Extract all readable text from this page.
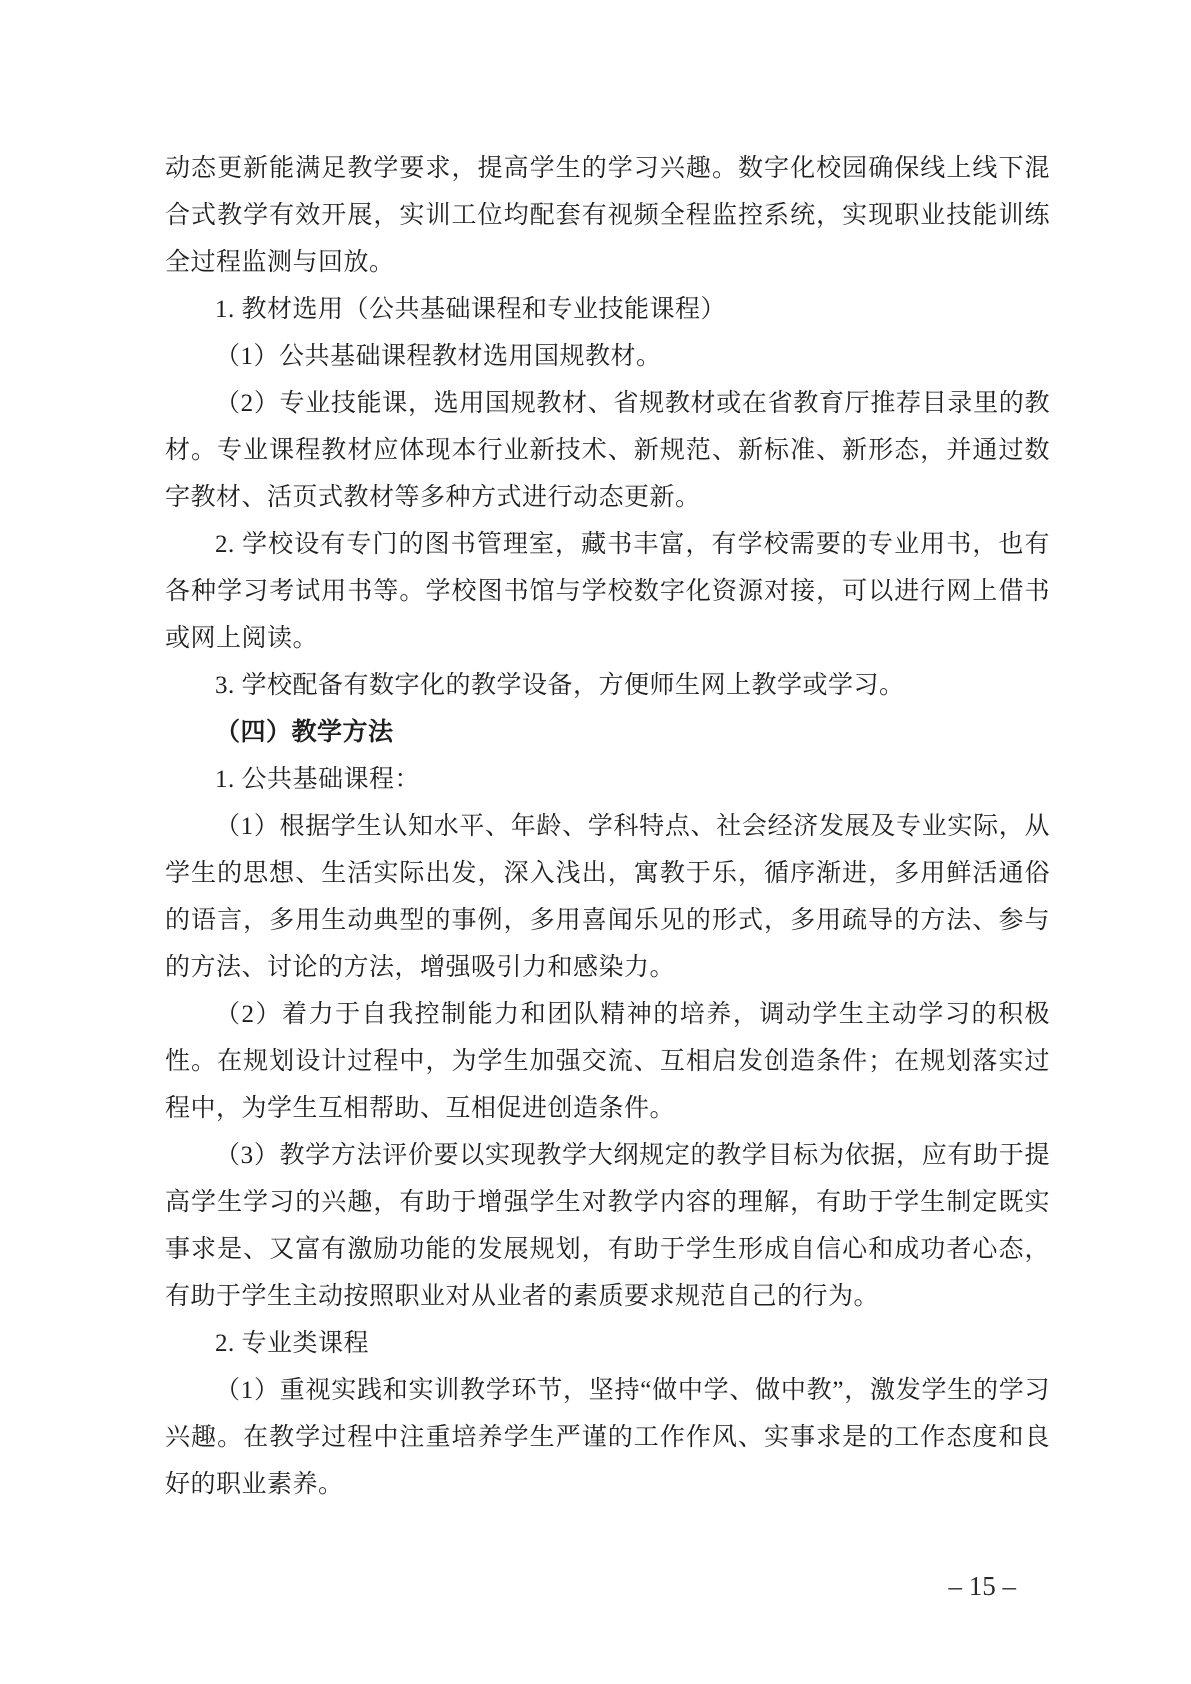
动态更新能满足教学要求，提高学生的学习兴趣。数字化校园确保线上线下混合式教学有效开展，实训工位均配套有视频全程监控系统，实现职业技能训练全过程监测与回放。

1. 教材选用（公共基础课程和专业技能课程）

（1）公共基础课程教材选用国规教材。

（2）专业技能课，选用国规教材、省规教材或在省教育厅推荐目录里的教材。专业课程教材应体现本行业新技术、新规范、新标准、新形态，并通过数字教材、活页式教材等多种方式进行动态更新。

2. 学校设有专门的图书管理室，藏书丰富，有学校需要的专业用书，也有各种学习考试用书等。学校图书馆与学校数字化资源对接，可以进行网上借书或网上阅读。

3. 学校配备有数字化的教学设备，方便师生网上教学或学习。

（四）教学方法

1. 公共基础课程：

（1）根据学生认知水平、年龄、学科特点、社会经济发展及专业实际，从学生的思想、生活实际出发，深入浅出，寓教于乐，循序渐进，多用鲜活通俗的语言，多用生动典型的事例，多用喜闻乐见的形式，多用疏导的方法、参与的方法、讨论的方法，增强吸引力和感染力。

（2）着力于自我控制能力和团队精神的培养，调动学生主动学习的积极性。在规划设计过程中，为学生加强交流、互相启发创造条件；在规划落实过程中，为学生互相帮助、互相促进创造条件。

（3）教学方法评价要以实现教学大纲规定的教学目标为依据，应有助于提高学生学习的兴趣，有助于增强学生对教学内容的理解，有助于学生制定既实事求是、又富有激励功能的发展规划，有助于学生形成自信心和成功者心态，有助于学生主动按照职业对从业者的素质要求规范自己的行为。

2. 专业类课程

（1）重视实践和实训教学环节，坚持“做中学、做中教”，激发学生的学习兴趣。在教学过程中注重培养学生严谨的工作作风、实事求是的工作态度和良好的职业素养。

– 15 –
